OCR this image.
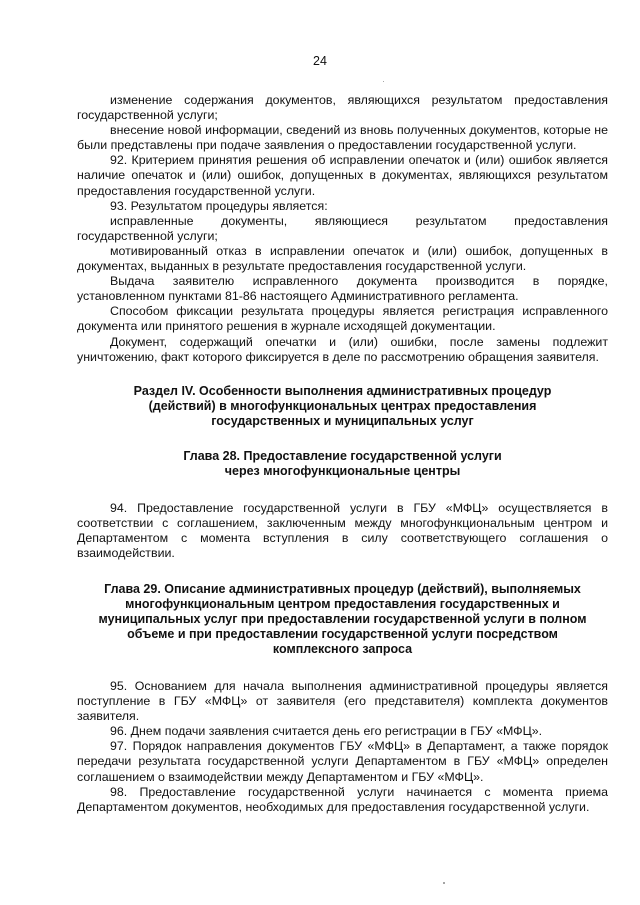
24

изменение содержания документов, являющихся результатом предоставления государственной услуги;

внесение новой информации, сведений из вновь полученных документов, которые не были представлены при подаче заявления о предоставлении государственной услуги.

92. Критерием принятия решения об исправлении опечаток и (или) ошибок является наличие опечаток и (или) ошибок, допущенных в документах, являющихся результатом предоставления государственной услуги.

93. Результатом процедуры является:

исправленные документы, являющиеся результатом предоставления государственной услуги;

мотивированный отказ в исправлении опечаток и (или) ошибок, допущенных в документах, выданных в результате предоставления государственной услуги.

Выдача заявителю исправленного документа производится в порядке, установленном пунктами 81-86 настоящего Административного регламента.

Способом фиксации результата процедуры является регистрация исправленного документа или принятого решения в журнале исходящей документации.

Документ, содержащий опечатки и (или) ошибки, после замены подлежит уничтожению, факт которого фиксируется в деле по рассмотрению обращения заявителя.

Раздел IV. Особенности выполнения административных процедур
(действий) в многофункциональных центрах предоставления
государственных и муниципальных услуг
Глава 28. Предоставление государственной услуги
через многофункциональные центры

94. Предоставление государственной услуги в ГБУ «МФЦ» осуществляется в соответствии с соглашением, заключенным между многофункциональным центром и Департаментом с момента вступления в силу соответствующего соглашения о взаимодействии.

Глава 29. Описание административных процедур (действий), выполняемых
многофункциональным центром предоставления государственных и
муниципальных услуг при предоставлении государственной услуги в полном
объеме и при предоставлении государственной услуги посредством
комплексного запроса

95. Основанием для начала выполнения административной процедуры является поступление в ГБУ «МФЦ» от заявителя (его представителя) комплекта документов заявителя.

96. Днем подачи заявления считается день его регистрации в ГБУ «МФЦ».

97. Порядок направления документов ГБУ «МФЦ» в Департамент, а также порядок передачи результата государственной услуги Департаментом в ГБУ «МФЦ» определен соглашением о взаимодействии между Департаментом и ГБУ «МФЦ».

98. Предоставление государственной услуги начинается с момента приема Департаментом документов, необходимых для предоставления государственной услуги.
